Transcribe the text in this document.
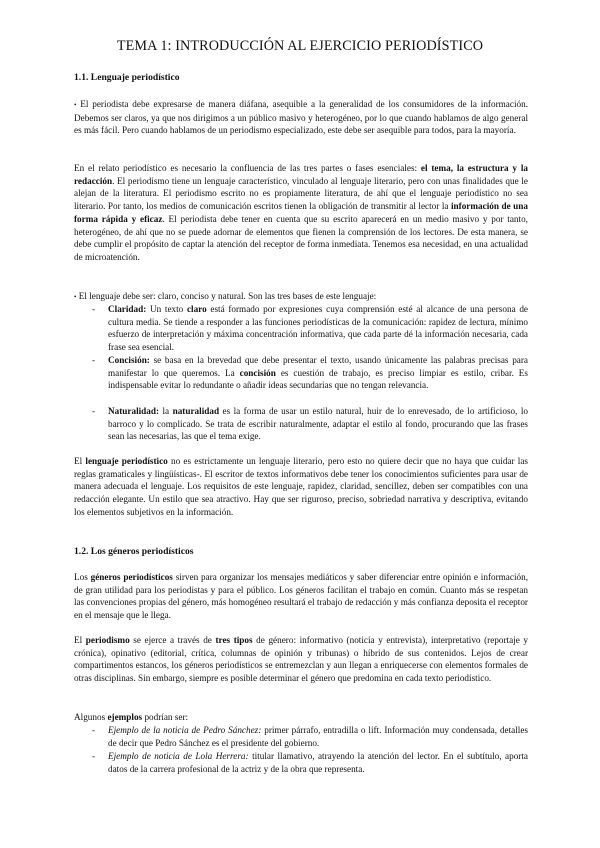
TEMA 1: INTRODUCCIÓN AL EJERCICIO PERIODÍSTICO
1.1. Lenguaje periodístico

• El periodista debe expresarse de manera diáfana, asequible a la generalidad de los consumidores de la información. Debemos ser claros, ya que nos dirigimos a un público masivo y heterogéneo, por lo que cuando hablamos de algo general es más fácil. Pero cuando hablamos de un periodismo especializado, este debe ser asequible para todos, para la mayoría.

En el relato periodístico es necesario la confluencia de las tres partes o fases esenciales: el tema, la estructura y la redacción. El periodismo tiene un lenguaje característico, vinculado al lenguaje literario, pero con unas finalidades que le alejan de la literatura. El periodismo escrito no es propiamente literatura, de ahí que el lenguaje periodístico no sea literario. Por tanto, los medios de comunicación escritos tienen la obligación de transmitir al lector la información de una forma rápida y eficaz. El periodista debe tener en cuenta que su escrito aparecerá en un medio masivo y por tanto, heterogéneo, de ahí que no se puede adornar de elementos que fienen la comprensión de los lectores. De esta manera, se debe cumplir el propósito de captar la atención del receptor de forma inmediata. Tenemos esa necesidad, en una actualidad de microatención.

• El lenguaje debe ser: claro, conciso y natural. Son las tres bases de este lenguaje:

- Claridad: Un texto claro está formado por expresiones cuya comprensión esté al alcance de una persona de cultura media. Se tiende a responder a las funciones periodísticas de la comunicación: rapidez de lectura, mínimo esfuerzo de interpretación y máxima concentración informativa, que cada parte dé la información necesaria, cada frase sea esencial.

- Concisión: se basa en la brevedad que debe presentar el texto, usando únicamente las palabras precisas para manifestar lo que queremos. La concisión es cuestión de trabajo, es preciso limpiar es estilo, cribar. Es indispensable evitar lo redundante o añadir ideas secundarias que no tengan relevancia.

- Naturalidad: la naturalidad es la forma de usar un estilo natural, huir de lo enrevesado, de lo artificioso, lo barroco y lo complicado. Se trata de escribir naturalmente, adaptar el estilo al fondo, procurando que las frases sean las necesarias, las que el tema exige.

El lenguaje periodístico no es estrictamente un lenguaje literario, pero esto no quiere decir que no haya que cuidar las reglas gramaticales y lingüísticas-. El escritor de textos informativos debe tener los conocimientos suficientes para usar de manera adecuada el lenguaje. Los requisitos de este lenguaje, rapidez, claridad, sencillez, deben ser compatibles con una redacción elegante. Un estilo que sea atractivo. Hay que ser riguroso, preciso, sobriedad narrativa y descriptiva, evitando los elementos subjetivos en la información.

1.2. Los géneros periodísticos

Los géneros periodísticos sirven para organizar los mensajes mediáticos y saber diferenciar entre opinión e información, de gran utilidad para los periodistas y para el público. Los géneros facilitan el trabajo en común. Cuanto más se respetan las convenciones propias del género, más homogéneo resultará el trabajo de redacción y más confianza deposita el receptor en el mensaje que le llega.

El periodismo se ejerce a través de tres tipos de género: informativo (noticia y entrevista), interpretativo (reportaje y crónica), opinativo (editorial, crítica, columnas de opinión y tribunas) o híbrido de sus contenidos. Lejos de crear compartimentos estancos, los géneros periodísticos se entremezclan y aun llegan a enriquecerse con elementos formales de otras disciplinas. Sin embargo, siempre es posible determinar el género que predomina en cada texto periodístico.

Algunos ejemplos podrían ser:

- Ejemplo de la noticia de Pedro Sánchez: primer párrafo, entradilla o lift. Información muy condensada, detalles de decir que Pedro Sánchez es el presidente del gobierno.

- Ejemplo de noticia de Lola Herrera: titular llamativo, atrayendo la atención del lector. En el subtítulo, aporta datos de la carrera profesional de la actriz y de la obra que representa.
